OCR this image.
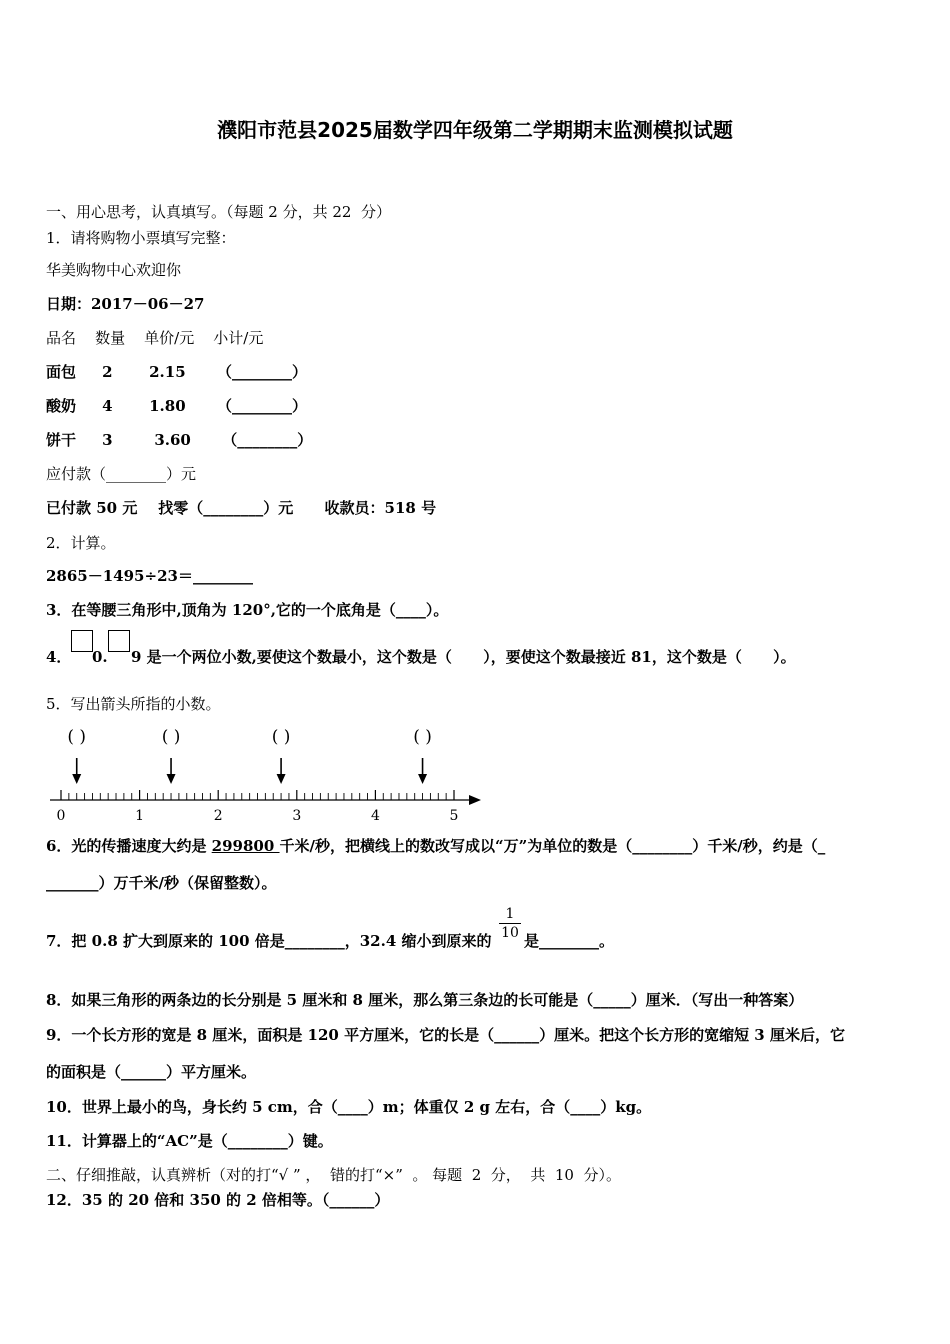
濮阳市范县2025届数学四年级第二学期期末监测模拟试题
一、用心思考，认真填写。（每题 2 分，共 22  分）
1．请将购物小票填写完整：
华美购物中心欢迎你
日期：2017－06－27
品名    数量    单价/元    小计/元
面包     2       2.15      （________）
酸奶     4       1.80      （________）
饼干     3        3.60      （________）
应付款（________）元
已付款 50 元    找零（________）元      收款员：518 号
2．计算。
2865－1495÷23＝________
3．在等腰三角形中,顶角为 120°,它的一个底角是（____）。
4． 0. 9 是一个两位小数,要使这个数最小，这个数是（      ），要使这个数最接近 81，这个数是（      ）。
5．写出箭头所指的小数。
( )	( )	( )	( )
0	1	2	3	4	5
6．光的传播速度大约是 299800 千米/秒，把横线上的数改写成以“万”为单位的数是（________）千米/秒，约是（_
_______）万千米/秒（保留整数）。
7．把 0.8 扩大到原来的 100 倍是________，32.4 缩小到原来的
1
10 是________。
8．如果三角形的两条边的长分别是 5 厘米和 8 厘米，那么第三条边的长可能是（_____）厘米．（写出一种答案）
9．一个长方形的宽是 8 厘米，面积是 120 平方厘米，它的长是（______）厘米。把这个长方形的宽缩短 3 厘米后，它
的面积是（______）平方厘米。
10．世界上最小的鸟，身长约 5 cm，合（____）m；体重仅 2 g 左右，合（____）kg。
11．计算器上的“AC”是（________）键。
二、仔细推敲，认真辨析（对的打“√ ” ，  错的打“×”  。 每题  2  分，  共  10  分）。
12．35 的 20 倍和 350 的 2 倍相等。（______）
